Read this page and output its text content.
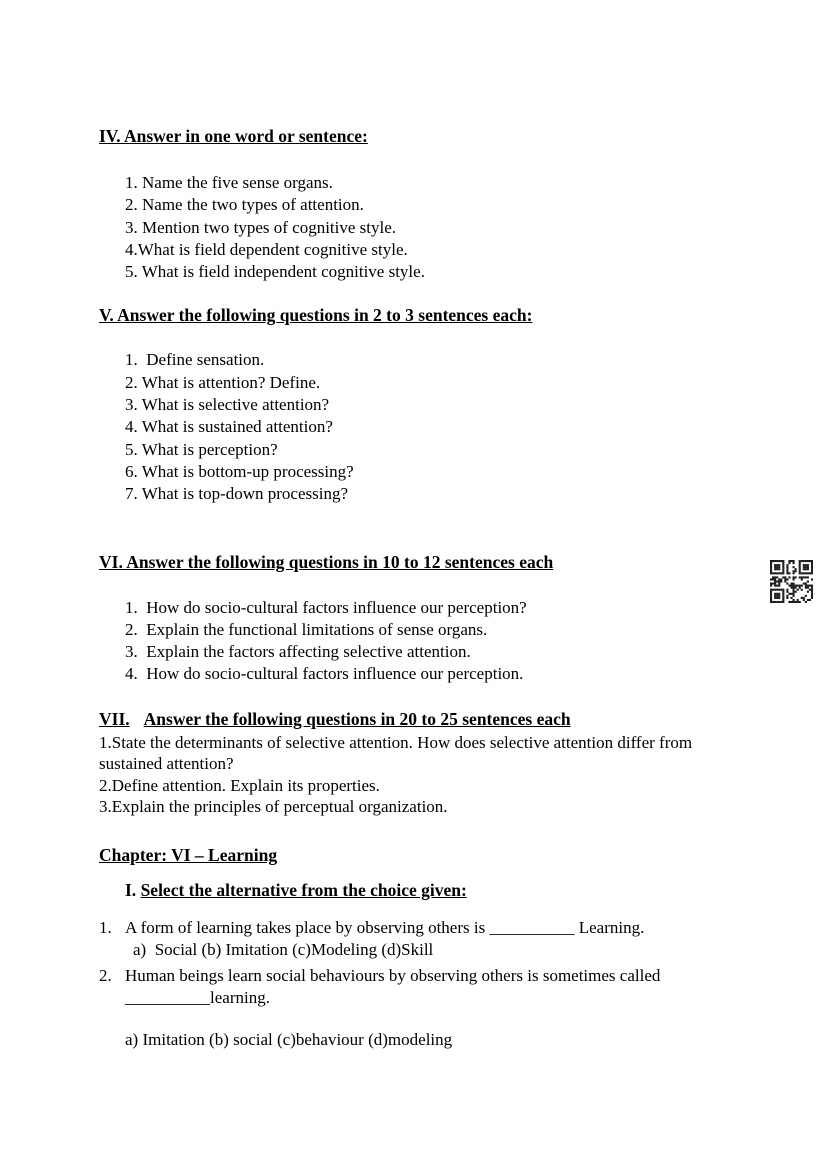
IV. Answer in one word or sentence:

1. Name the five sense organs.

2. Name the two types of attention.

3. Mention two types of cognitive style.

4.What is field dependent cognitive style.

5. What is field independent cognitive style.

V. Answer the following questions in 2 to 3 sentences each:

1.  Define sensation.

2. What is attention? Define.

3. What is selective attention?

4. What is sustained attention?

5. What is perception?

6. What is bottom-up processing?

7. What is top-down processing?

VI. Answer the following questions in 10 to 12 sentences each

1.  How do socio-cultural factors influence our perception?

2.  Explain the functional limitations of sense organs.

3.  Explain the factors affecting selective attention.

4.  How do socio-cultural factors influence our perception.

VII. Answer the following questions in 20 to 25 sentences each

1.State the determinants of selective attention. How does selective attention differ from sustained attention?

2.Define attention. Explain its properties.

3.Explain the principles of perceptual organization.

Chapter: VI – Learning
I. Select the alternative from the choice given:
1. A form of learning takes place by observing others is __________ Learning.

a)  Social (b) Imitation (c)Modeling (d)Skill

2. Human beings learn social behaviours by observing others is sometimes called __________learning.

a) Imitation (b) social (c)behaviour (d)modeling
